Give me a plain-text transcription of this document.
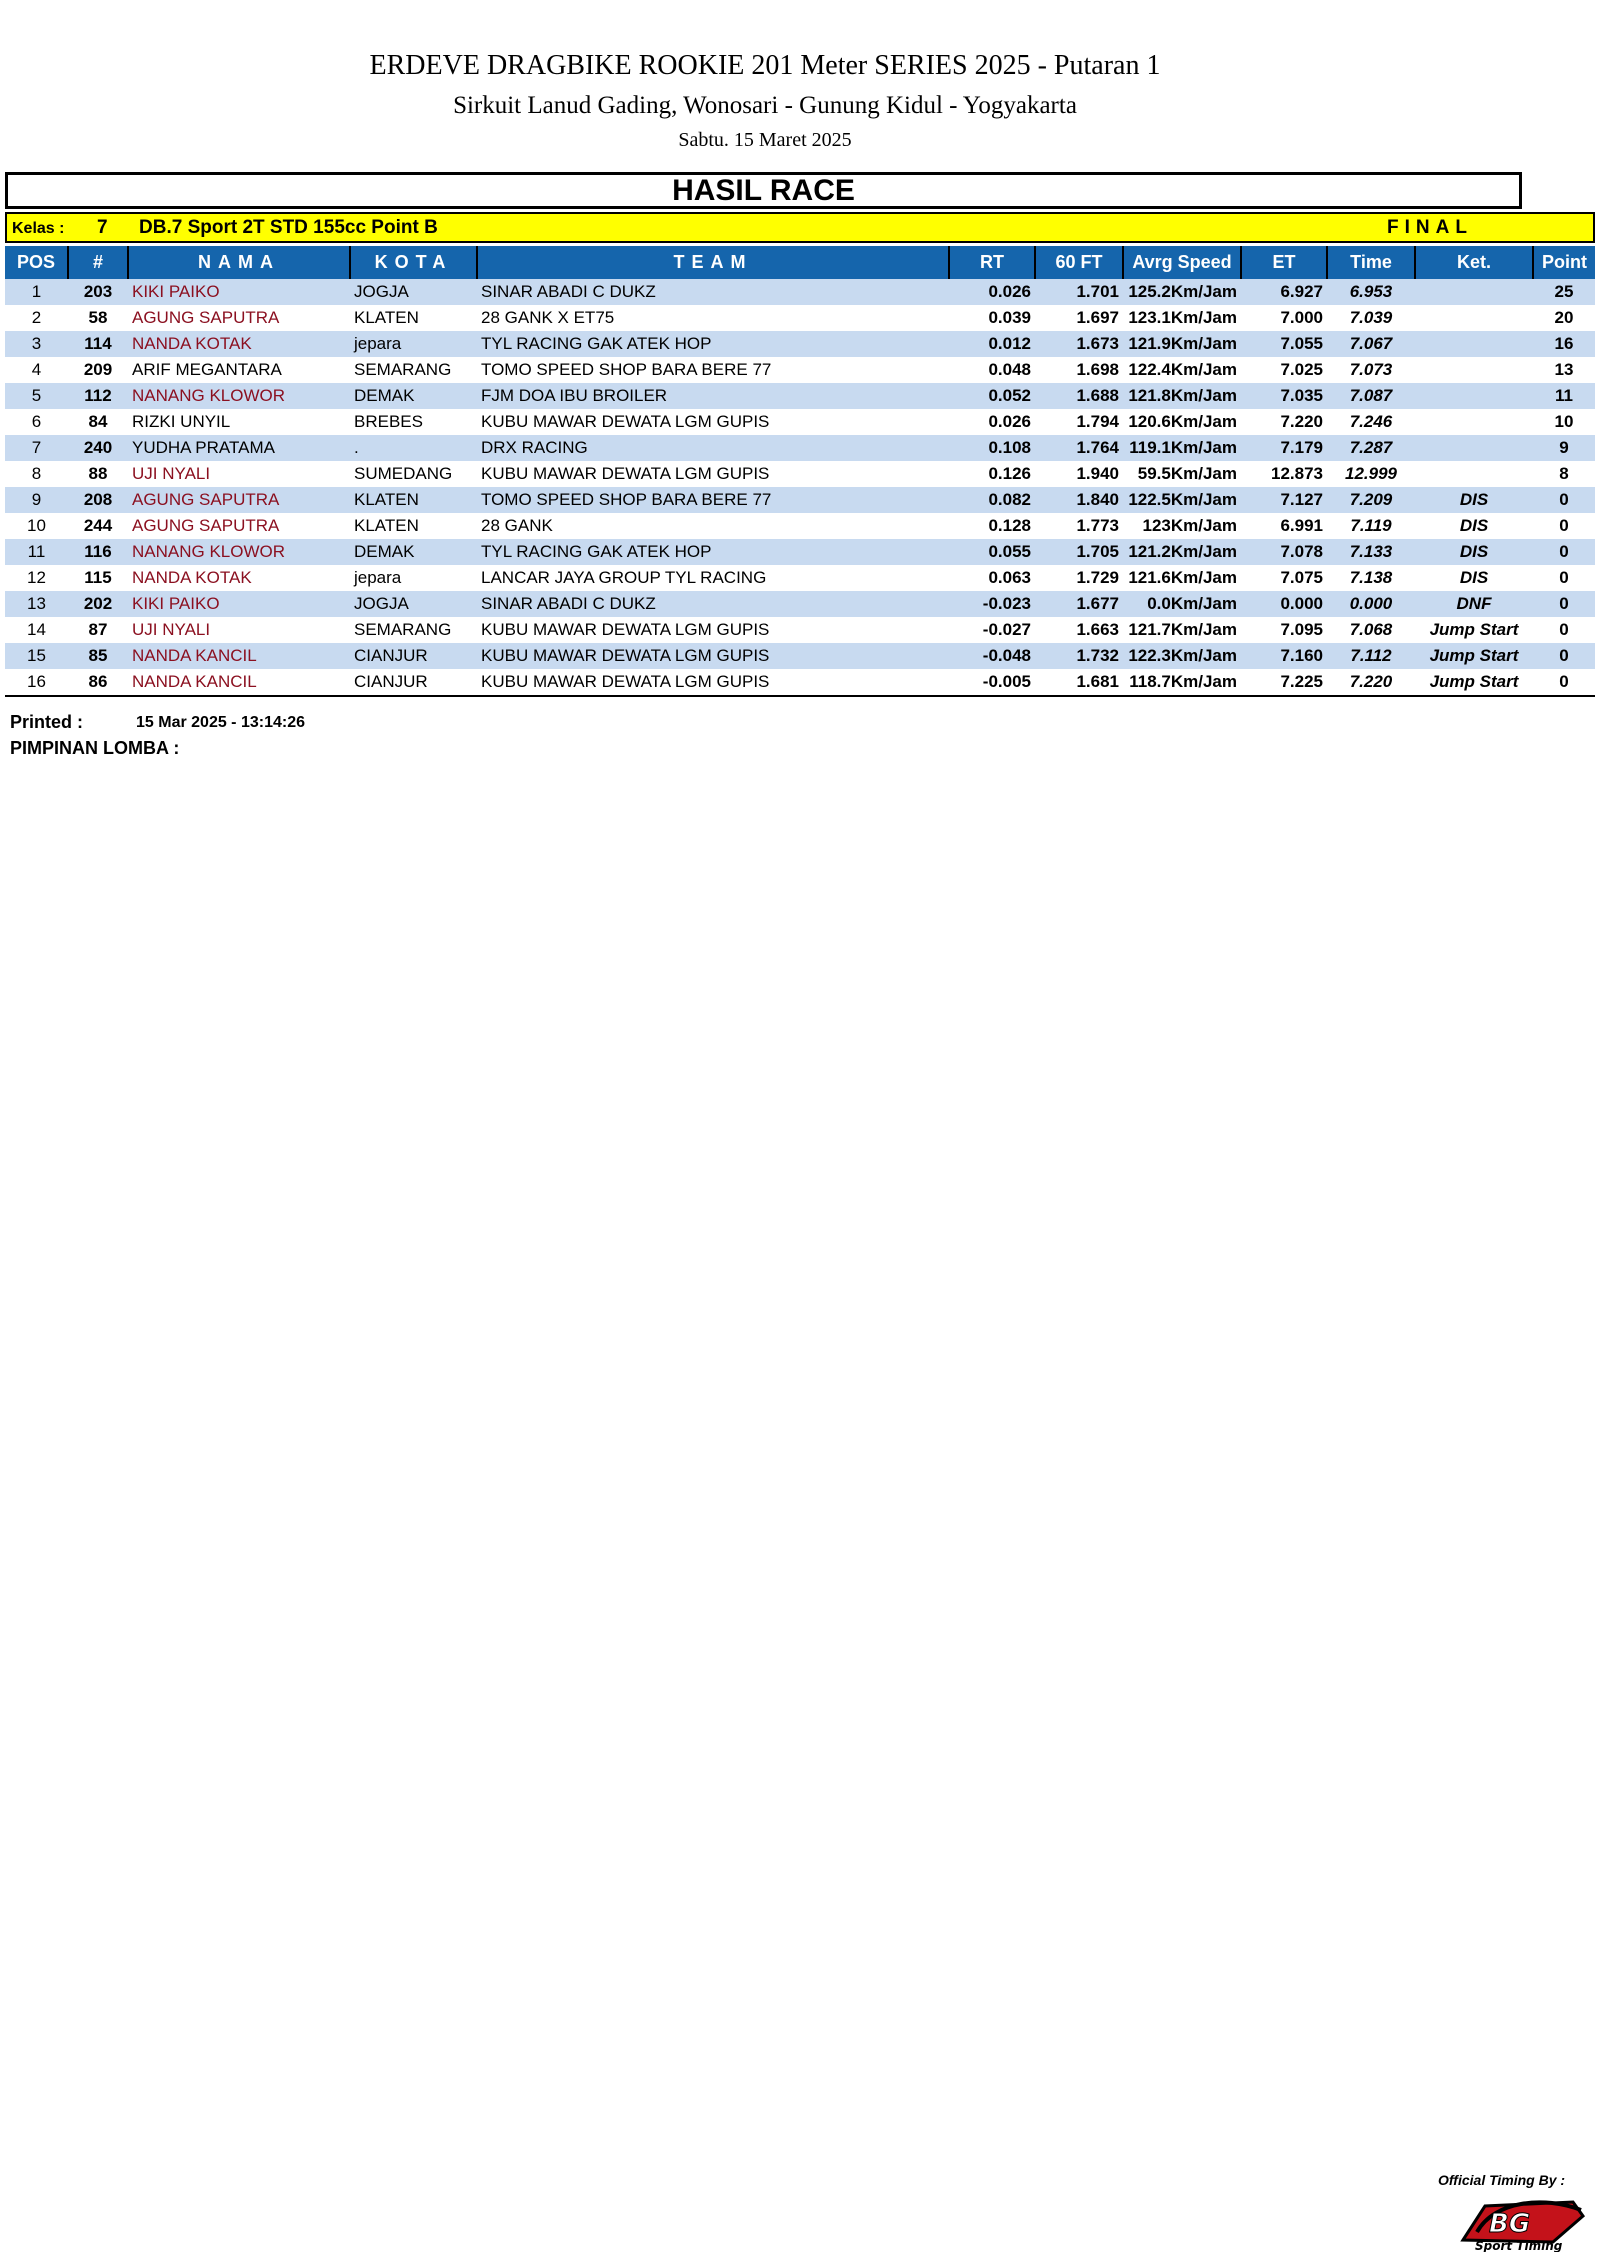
ERDEVE DRAGBIKE ROOKIE 201 Meter SERIES 2025 - Putaran 1
Sirkuit Lanud Gading, Wonosari - Gunung Kidul - Yogyakarta
Sabtu. 15 Maret 2025
HASIL RACE
Kelas : 7 DB.7 Sport 2T STD 155cc Point B	FINAL
POS	#	NAMA	KOTA	TEAM	RT	60 FT	Avrg Speed	ET	Time	Ket.	Point
1	203	KIKI PAIKO	JOGJA	SINAR ABADI C DUKZ	0.026	1.701	125.2Km/Jam	6.927	6.953		25
2	58	AGUNG SAPUTRA	KLATEN	28 GANK X ET75	0.039	1.697	123.1Km/Jam	7.000	7.039		20
3	114	NANDA KOTAK	jepara	TYL RACING GAK ATEK HOP	0.012	1.673	121.9Km/Jam	7.055	7.067		16
4	209	ARIF MEGANTARA	SEMARANG	TOMO SPEED SHOP BARA BERE 77	0.048	1.698	122.4Km/Jam	7.025	7.073		13
5	112	NANANG KLOWOR	DEMAK	FJM DOA IBU BROILER	0.052	1.688	121.8Km/Jam	7.035	7.087		11
6	84	RIZKI UNYIL	BREBES	KUBU MAWAR DEWATA LGM GUPIS	0.026	1.794	120.6Km/Jam	7.220	7.246		10
7	240	YUDHA PRATAMA	.	DRX RACING	0.108	1.764	119.1Km/Jam	7.179	7.287		9
8	88	UJI NYALI	SUMEDANG	KUBU MAWAR DEWATA LGM GUPIS	0.126	1.940	59.5Km/Jam	12.873	12.999		8
9	208	AGUNG SAPUTRA	KLATEN	TOMO SPEED SHOP BARA BERE 77	0.082	1.840	122.5Km/Jam	7.127	7.209	DIS	0
10	244	AGUNG SAPUTRA	KLATEN	28 GANK	0.128	1.773	123Km/Jam	6.991	7.119	DIS	0
11	116	NANANG KLOWOR	DEMAK	TYL RACING GAK ATEK HOP	0.055	1.705	121.2Km/Jam	7.078	7.133	DIS	0
12	115	NANDA KOTAK	jepara	LANCAR JAYA GROUP TYL RACING	0.063	1.729	121.6Km/Jam	7.075	7.138	DIS	0
13	202	KIKI PAIKO	JOGJA	SINAR ABADI C DUKZ	-0.023	1.677	0.0Km/Jam	0.000	0.000	DNF	0
14	87	UJI NYALI	SEMARANG	KUBU MAWAR DEWATA LGM GUPIS	-0.027	1.663	121.7Km/Jam	7.095	7.068	Jump Start	0
15	85	NANDA KANCIL	CIANJUR	KUBU MAWAR DEWATA LGM GUPIS	-0.048	1.732	122.3Km/Jam	7.160	7.112	Jump Start	0
16	86	NANDA KANCIL	CIANJUR	KUBU MAWAR DEWATA LGM GUPIS	-0.005	1.681	118.7Km/Jam	7.225	7.220	Jump Start	0
Printed :	15 Mar 2025 - 13:14:26
PIMPINAN LOMBA :
Official Timing By :
BG
Sport Timing
